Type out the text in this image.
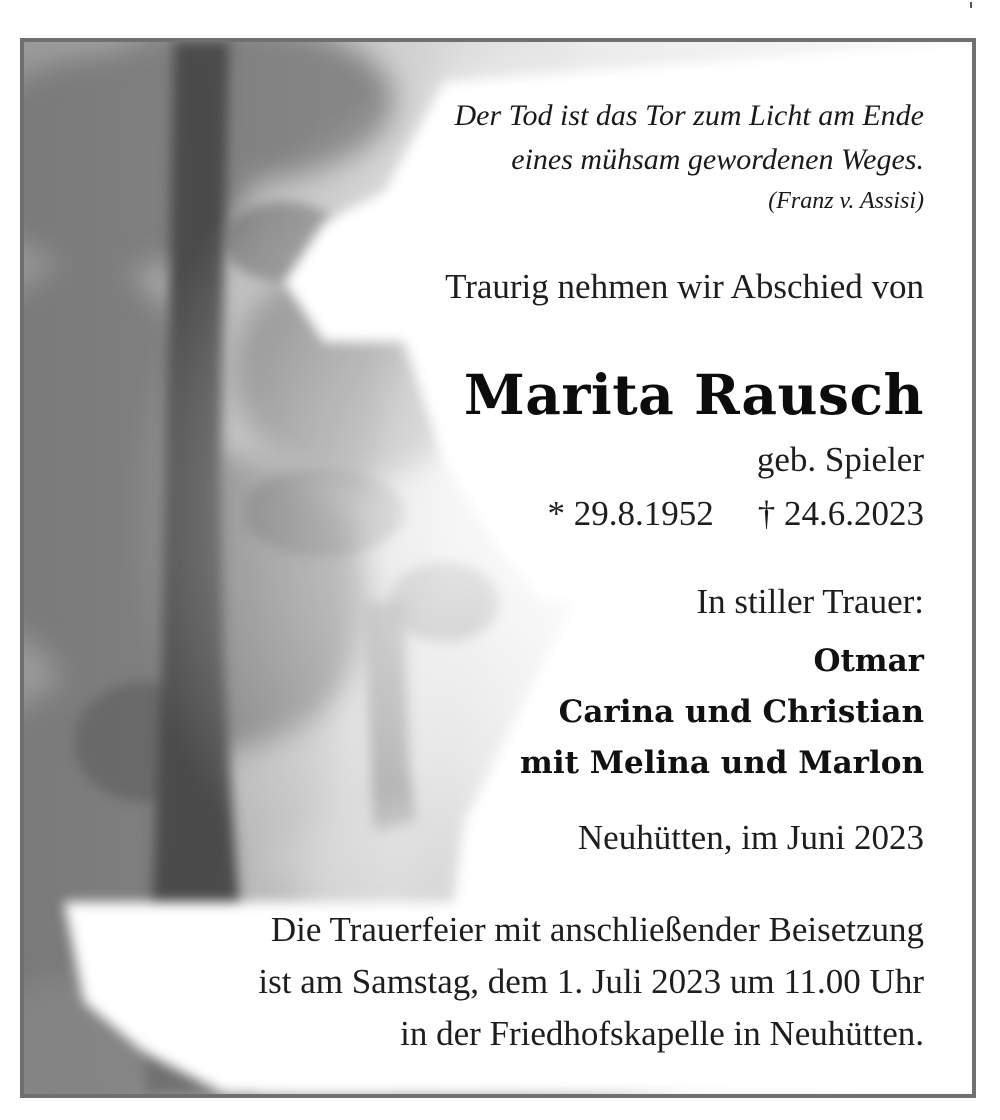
Der Tod ist das Tor zum Licht am Ende
eines mühsam gewordenen Weges.
(Franz v. Assisi)
Traurig nehmen wir Abschied von
Marita Rausch
geb. Spieler
* 29.8.1952 † 24.6.2023
In stiller Trauer:
Otmar
Carina und Christian
mit Melina und Marlon
Neuhütten, im Juni 2023
Die Trauerfeier mit anschließender Beisetzung
ist am Samstag, dem 1. Juli 2023 um 11.00 Uhr
in der Friedhofskapelle in Neuhütten.
